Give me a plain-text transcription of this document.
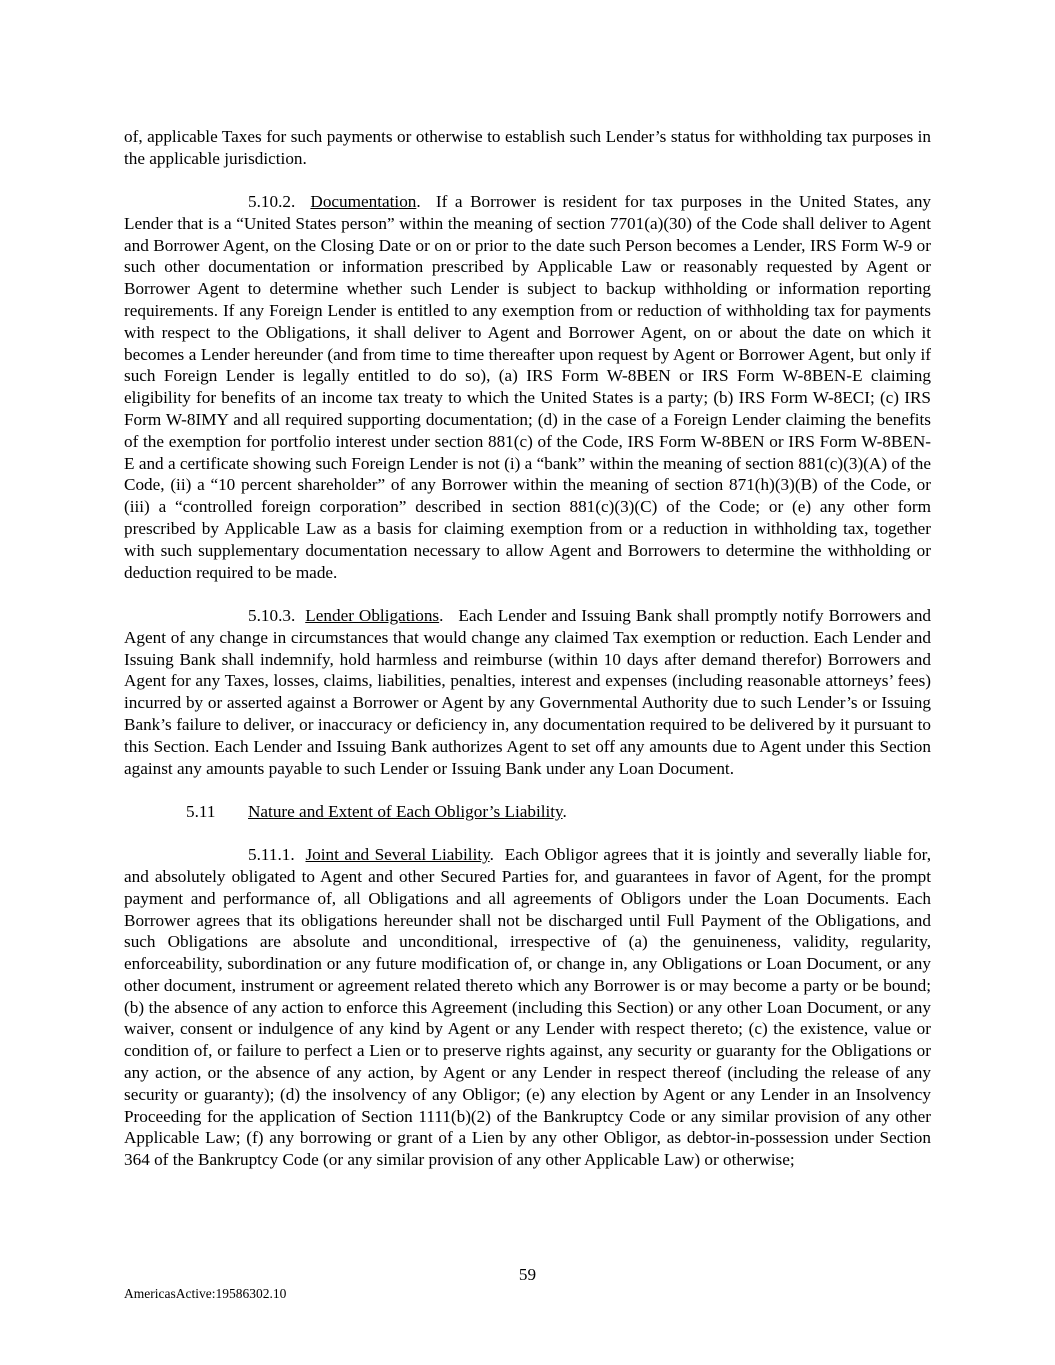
of, applicable Taxes for such payments or otherwise to establish such Lender’s status for withholding tax purposes in the applicable jurisdiction.

5.10.2. Documentation.  If a Borrower is resident for tax purposes in the United States, any Lender that is a “United States person” within the meaning of section 7701(a)(30) of the Code shall deliver to Agent and Borrower Agent, on the Closing Date or on or prior to the date such Person becomes a Lender, IRS Form W-9 or such other documentation or information prescribed by Applicable Law or reasonably requested by Agent or Borrower Agent to determine whether such Lender is subject to backup withholding or information reporting requirements. If any Foreign Lender is entitled to any exemption from or reduction of withholding tax for payments with respect to the Obligations, it shall deliver to Agent and Borrower Agent, on or about the date on which it becomes a Lender hereunder (and from time to time thereafter upon request by Agent or Borrower Agent, but only if such Foreign Lender is legally entitled to do so), (a) IRS Form W-8BEN or IRS Form W-8BEN-E claiming eligibility for benefits of an income tax treaty to which the United States is a party; (b) IRS Form W-8ECI; (c) IRS Form W-8IMY and all required supporting documentation; (d) in the case of a Foreign Lender claiming the benefits of the exemption for portfolio interest under section 881(c) of the Code, IRS Form W-8BEN or IRS Form W-8BEN-E and a certificate showing such Foreign Lender is not (i) a “bank” within the meaning of section 881(c)(3)(A) of the Code, (ii) a “10 percent shareholder” of any Borrower within the meaning of section 871(h)(3)(B) of the Code, or (iii) a “controlled foreign corporation” described in section 881(c)(3)(C) of the Code; or (e) any other form prescribed by Applicable Law as a basis for claiming exemption from or a reduction in withholding tax, together with such supplementary documentation necessary to allow Agent and Borrowers to determine the withholding or deduction required to be made.

5.10.3. Lender Obligations.   Each Lender and Issuing Bank shall promptly notify Borrowers and Agent of any change in circumstances that would change any claimed Tax exemption or reduction. Each Lender and Issuing Bank shall indemnify, hold harmless and reimburse (within 10 days after demand therefor) Borrowers and Agent for any Taxes, losses, claims, liabilities, penalties, interest and expenses (including reasonable attorneys’ fees) incurred by or asserted against a Borrower or Agent by any Governmental Authority due to such Lender’s or Issuing Bank’s failure to deliver, or inaccuracy or deficiency in, any documentation required to be delivered by it pursuant to this Section. Each Lender and Issuing Bank authorizes Agent to set off any amounts due to Agent under this Section against any amounts payable to such Lender or Issuing Bank under any Loan Document.

5.11	Nature and Extent of Each Obligor’s Liability.

5.11.1. Joint and Several Liability.  Each Obligor agrees that it is jointly and severally liable for, and absolutely obligated to Agent and other Secured Parties for, and guarantees in favor of Agent, for the prompt payment and performance of, all Obligations and all agreements of Obligors under the Loan Documents. Each Borrower agrees that its obligations hereunder shall not be discharged until Full Payment of the Obligations, and such Obligations are absolute and unconditional, irrespective of (a) the genuineness, validity, regularity, enforceability, subordination or any future modification of, or change in, any Obligations or Loan Document, or any other document, instrument or agreement related thereto which any Borrower is or may become a party or be bound; (b) the absence of any action to enforce this Agreement (including this Section) or any other Loan Document, or any waiver, consent or indulgence of any kind by Agent or any Lender with respect thereto; (c) the existence, value or condition of, or failure to perfect a Lien or to preserve rights against, any security or guaranty for the Obligations or any action, or the absence of any action, by Agent or any Lender in respect thereof (including the release of any security or guaranty); (d) the insolvency of any Obligor; (e) any election by Agent or any Lender in an Insolvency Proceeding for the application of Section 1111(b)(2) of the Bankruptcy Code or any similar provision of any other Applicable Law; (f) any borrowing or grant of a Lien by any other Obligor, as debtor-in-possession under Section 364 of the Bankruptcy Code (or any similar provision of any other Applicable Law) or otherwise;

59
AmericasActive:19586302.10
